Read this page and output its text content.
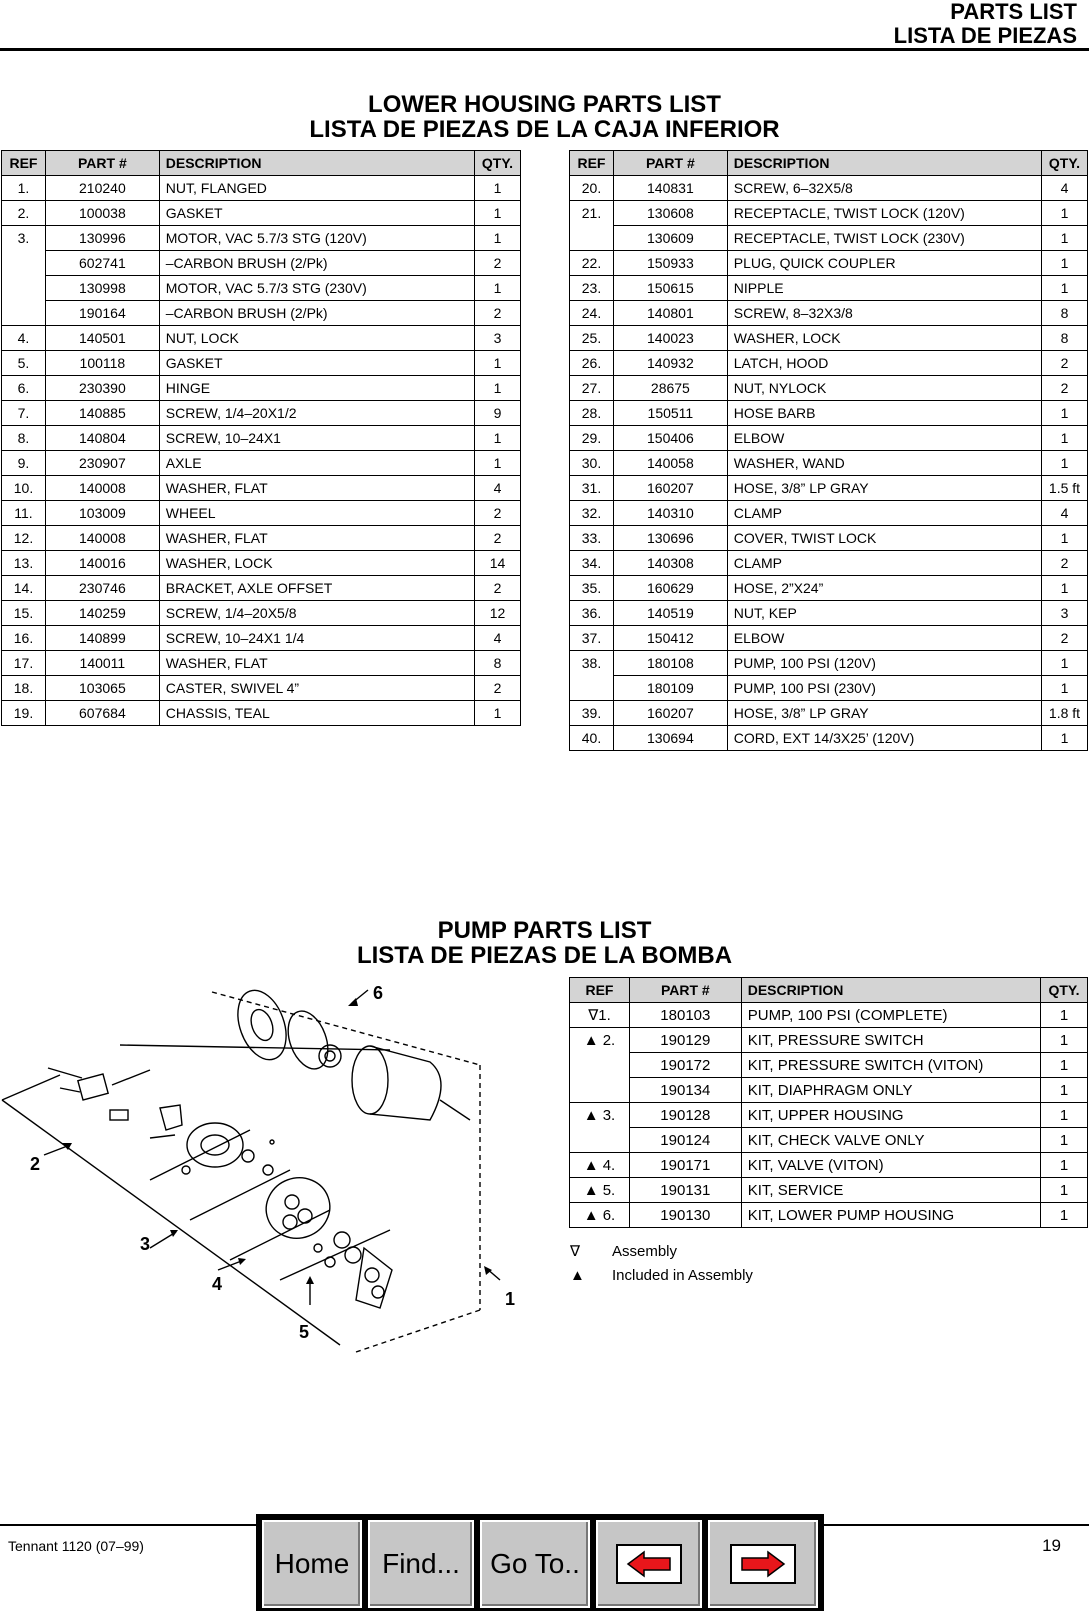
PARTS LIST
LISTA DE PIEZAS
LOWER HOUSING PARTS LIST
LISTA DE PIEZAS DE LA CAJA INFERIOR
REF	PART #	DESCRIPTION	QTY.
1.	210240	NUT, FLANGED	1
2.	100038	GASKET	1
3.	130996	MOTOR, VAC 5.7/3 STG (120V)	1
	602741	–CARBON BRUSH (2/Pk)	2
	130998	MOTOR, VAC 5.7/3 STG (230V)	1
	190164	–CARBON BRUSH (2/Pk)	2
4.	140501	NUT, LOCK	3
5.	100118	GASKET	1
6.	230390	HINGE	1
7.	140885	SCREW, 1/4–20X1/2	9
8.	140804	SCREW, 10–24X1	1
9.	230907	AXLE	1
10.	140008	WASHER, FLAT	4
11.	103009	WHEEL	2
12.	140008	WASHER, FLAT	2
13.	140016	WASHER, LOCK	14
14.	230746	BRACKET, AXLE OFFSET	2
15.	140259	SCREW, 1/4–20X5/8	12
16.	140899	SCREW, 10–24X1 1/4	4
17.	140011	WASHER, FLAT	8
18.	103065	CASTER, SWIVEL 4”	2
19.	607684	CHASSIS, TEAL	1
REF	PART #	DESCRIPTION	QTY.
20.	140831	SCREW, 6–32X5/8	4
21.	130608	RECEPTACLE, TWIST LOCK (120V)	1
	130609	RECEPTACLE, TWIST LOCK (230V)	1
22.	150933	PLUG, QUICK COUPLER	1
23.	150615	NIPPLE	1
24.	140801	SCREW, 8–32X3/8	8
25.	140023	WASHER, LOCK	8
26.	140932	LATCH, HOOD	2
27.	28675	NUT, NYLOCK	2
28.	150511	HOSE BARB	1
29.	150406	ELBOW	1
30.	140058	WASHER, WAND	1
31.	160207	HOSE, 3/8” LP GRAY	1.5 ft
32.	140310	CLAMP	4
33.	130696	COVER, TWIST LOCK	1
34.	140308	CLAMP	2
35.	160629	HOSE, 2”X24”	1
36.	140519	NUT, KEP	3
37.	150412	ELBOW	2
38.	180108	PUMP, 100 PSI (120V)	1
	180109	PUMP, 100 PSI (230V)	1
39.	160207	HOSE, 3/8” LP GRAY	1.8 ft
40.	130694	CORD, EXT 14/3X25’ (120V)	1
PUMP PARTS LIST
LISTA DE PIEZAS DE LA BOMBA
REF	PART #	DESCRIPTION	QTY.
∇1.	180103	PUMP, 100 PSI (COMPLETE)	1
▲ 2.	190129	KIT, PRESSURE SWITCH	1
	190172	KIT, PRESSURE SWITCH (VITON)	1
	190134	KIT, DIAPHRAGM ONLY	1
▲ 3.	190128	KIT, UPPER HOUSING	1
	190124	KIT, CHECK VALVE ONLY	1
▲ 4.	190171	KIT, VALVE (VITON)	1
▲ 5.	190131	KIT, SERVICE	1
▲ 6.	190130	KIT, LOWER PUMP HOUSING	1
∇ Assembly
▲ Included in Assembly
6
2
3
4
5
1
Tennant 1120 (07–99)	19
Home	Find...	Go To..
